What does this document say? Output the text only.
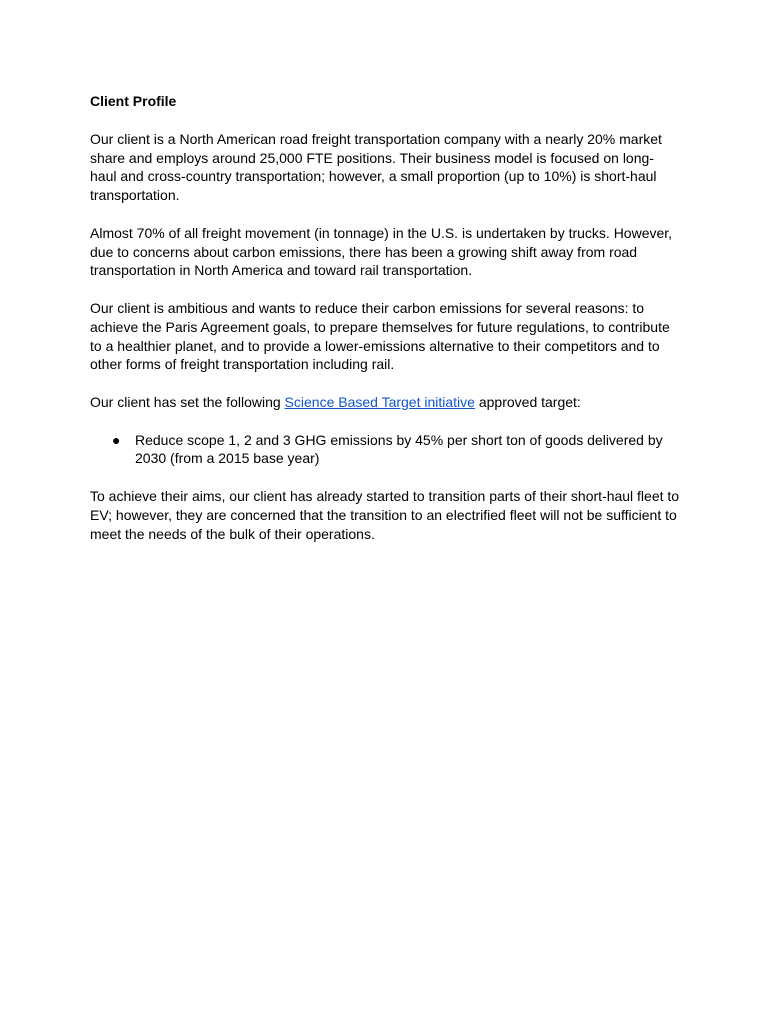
Client Profile

Our client is a North American road freight transportation company with a nearly 20% market share and employs around 25,000 FTE positions. Their business model is focused on long-haul and cross-country transportation; however, a small proportion (up to 10%) is short-haul transportation.

Almost 70% of all freight movement (in tonnage) in the U.S. is undertaken by trucks. However, due to concerns about carbon emissions, there has been a growing shift away from road transportation in North America and toward rail transportation.

Our client is ambitious and wants to reduce their carbon emissions for several reasons: to achieve the Paris Agreement goals, to prepare themselves for future regulations, to contribute to a healthier planet, and to provide a lower-emissions alternative to their competitors and to other forms of freight transportation including rail.

Our client has set the following Science Based Target initiative approved target:

● Reduce scope 1, 2 and 3 GHG emissions by 45% per short ton of goods delivered by 2030 (from a 2015 base year)

To achieve their aims, our client has already started to transition parts of their short-haul fleet to EV; however, they are concerned that the transition to an electrified fleet will not be sufficient to meet the needs of the bulk of their operations.
